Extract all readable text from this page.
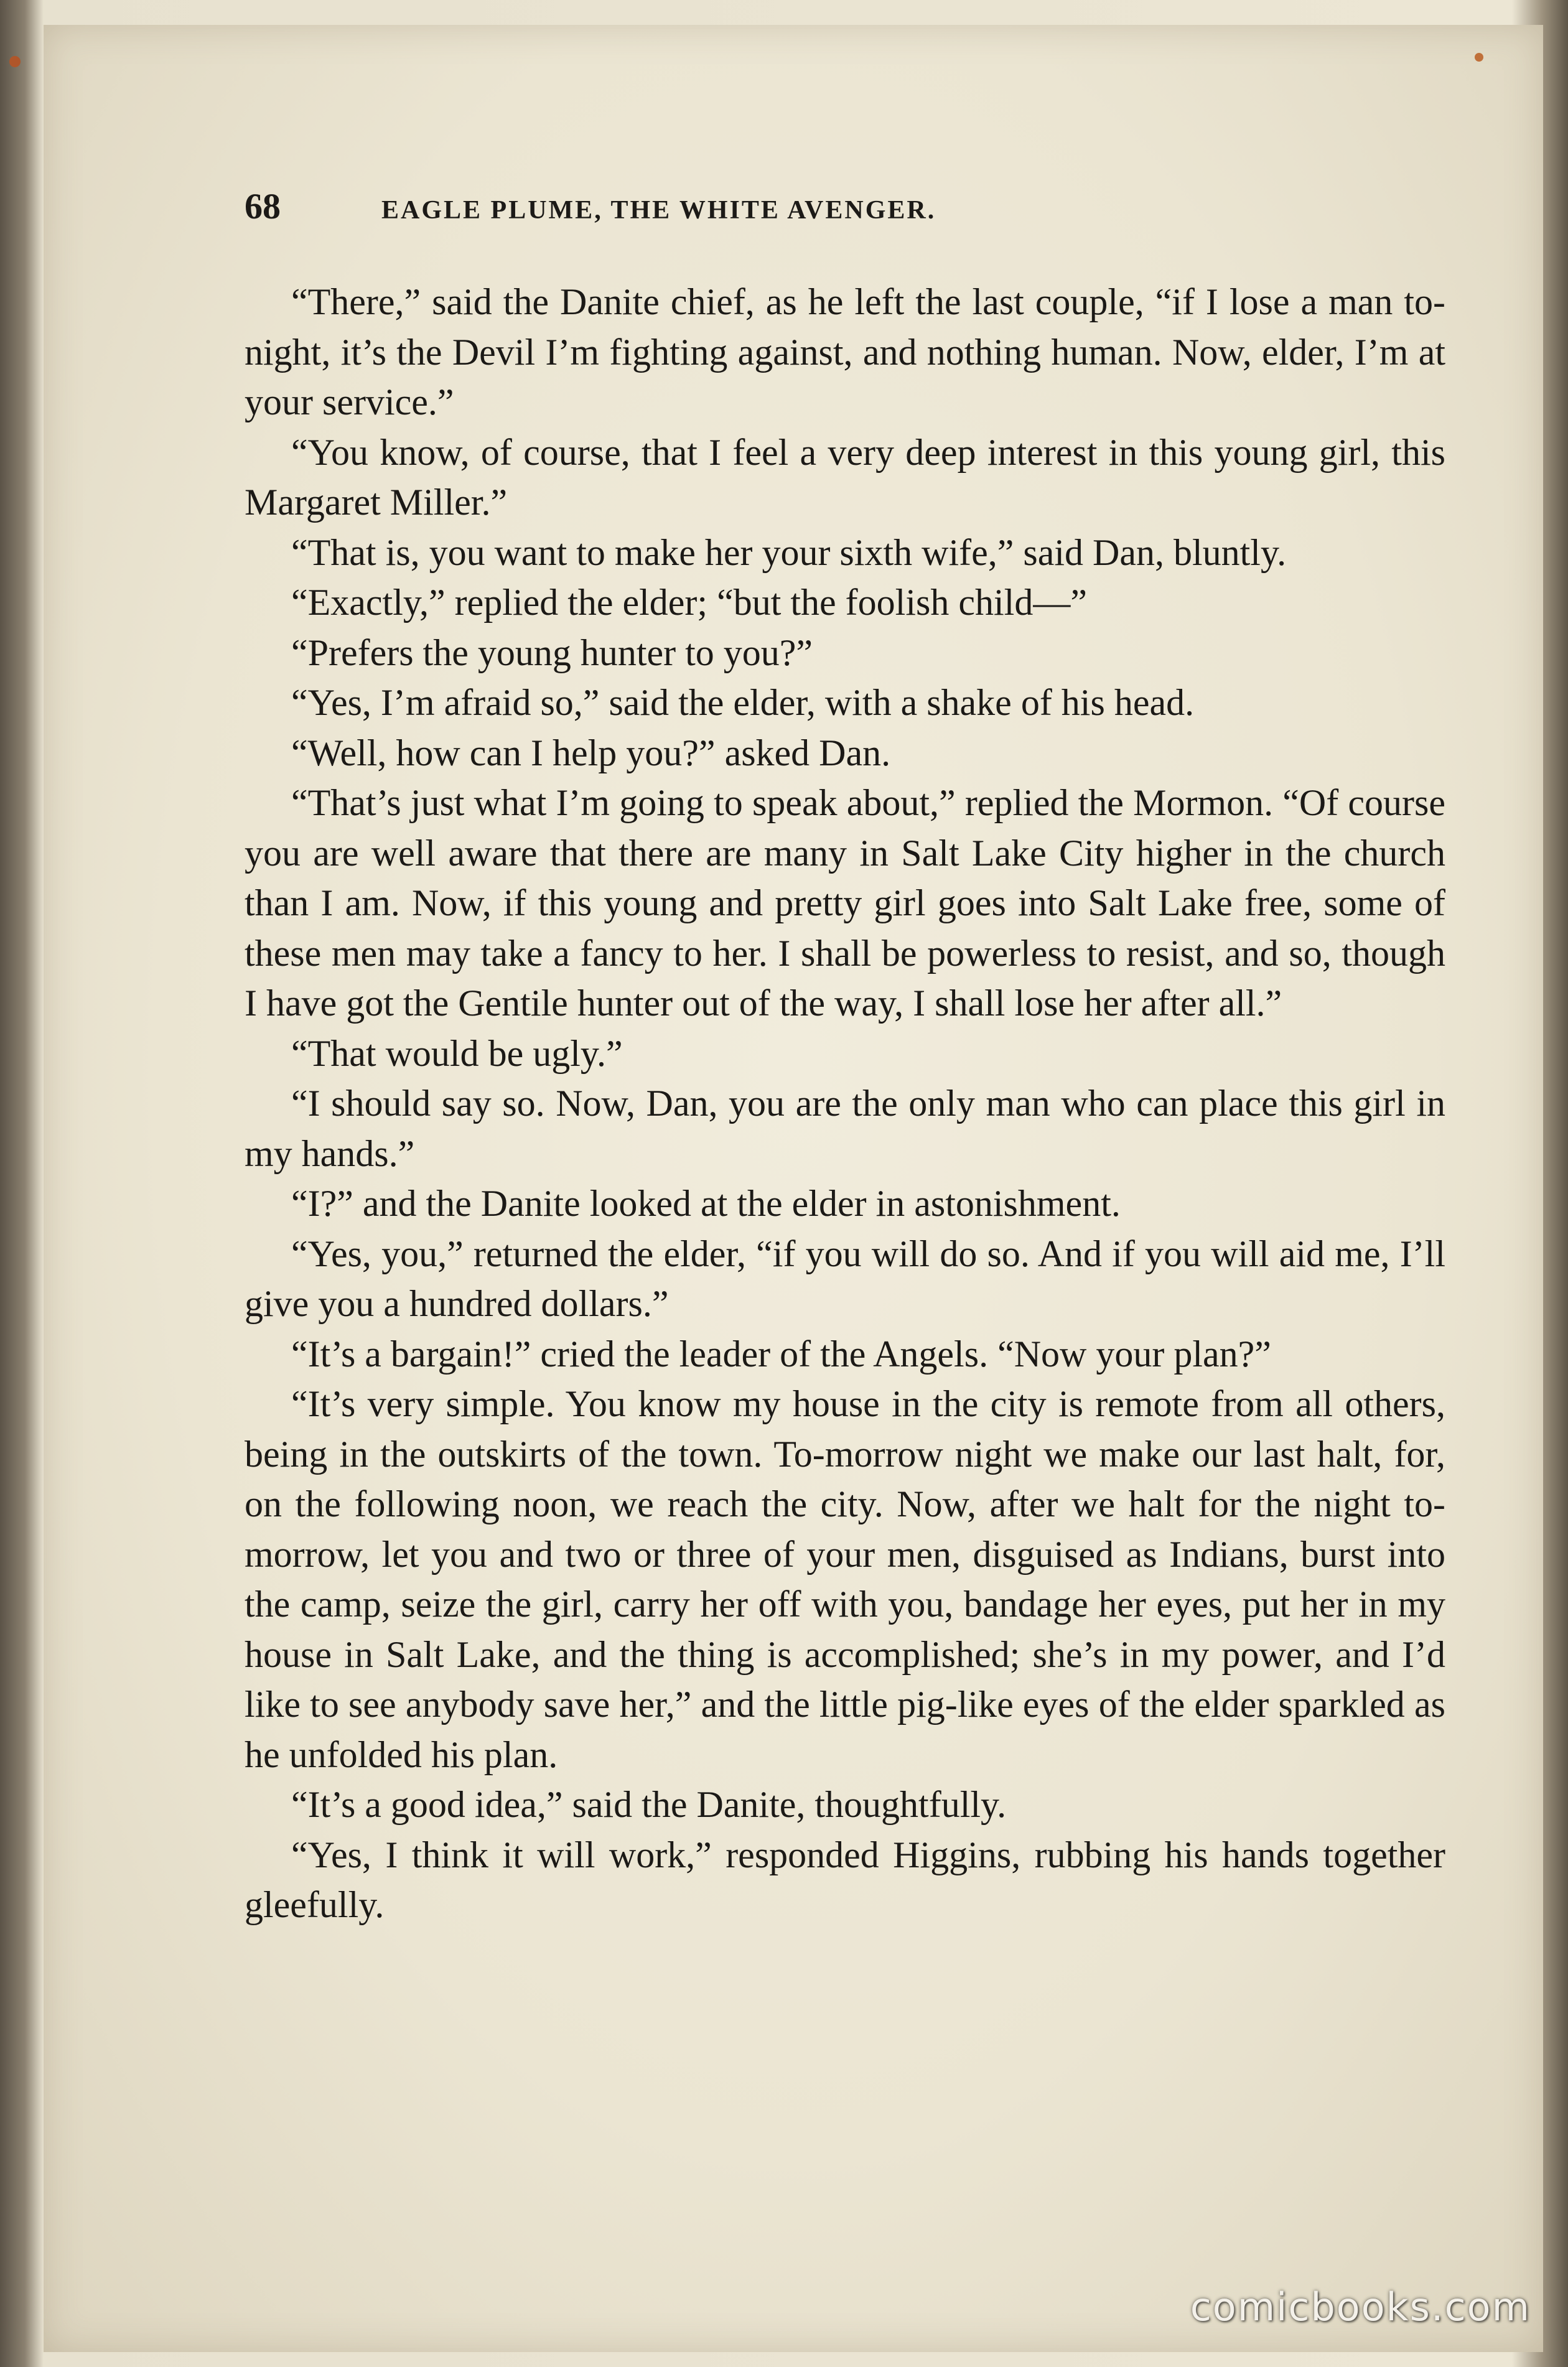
68	EAGLE PLUME, THE WHITE AVENGER.

“There,” said the Danite chief, as he left the last couple, “if I lose a man to-night, it’s the Devil I’m fighting against, and nothing human. Now, elder, I’m at your service.”

“You know, of course, that I feel a very deep interest in this young girl, this Margaret Miller.”

“That is, you want to make her your sixth wife,” said Dan, bluntly.

“Exactly,” replied the elder; “but the foolish child—”

“Prefers the young hunter to you?”

“Yes, I’m afraid so,” said the elder, with a shake of his head.

“Well, how can I help you?” asked Dan.

“That’s just what I’m going to speak about,” replied the Mormon. “Of course you are well aware that there are many in Salt Lake City higher in the church than I am. Now, if this young and pretty girl goes into Salt Lake free, some of these men may take a fancy to her. I shall be powerless to resist, and so, though I have got the Gentile hunter out of the way, I shall lose her after all.”

“That would be ugly.”

“I should say so. Now, Dan, you are the only man who can place this girl in my hands.”

“I?” and the Danite looked at the elder in astonishment.

“Yes, you,” returned the elder, “if you will do so. And if you will aid me, I’ll give you a hundred dollars.”

“It’s a bargain!” cried the leader of the Angels. “Now your plan?”

“It’s very simple. You know my house in the city is remote from all others, being in the outskirts of the town. To-morrow night we make our last halt, for, on the following noon, we reach the city. Now, after we halt for the night to-morrow, let you and two or three of your men, disguised as Indians, burst into the camp, seize the girl, carry her off with you, bandage her eyes, put her in my house in Salt Lake, and the thing is accomplished; she’s in my power, and I’d like to see anybody save her,” and the little pig-like eyes of the elder sparkled as he unfolded his plan.

“It’s a good idea,” said the Danite, thoughtfully.

“Yes, I think it will work,” responded Higgins, rubbing his hands together gleefully.

comicbooks.com
